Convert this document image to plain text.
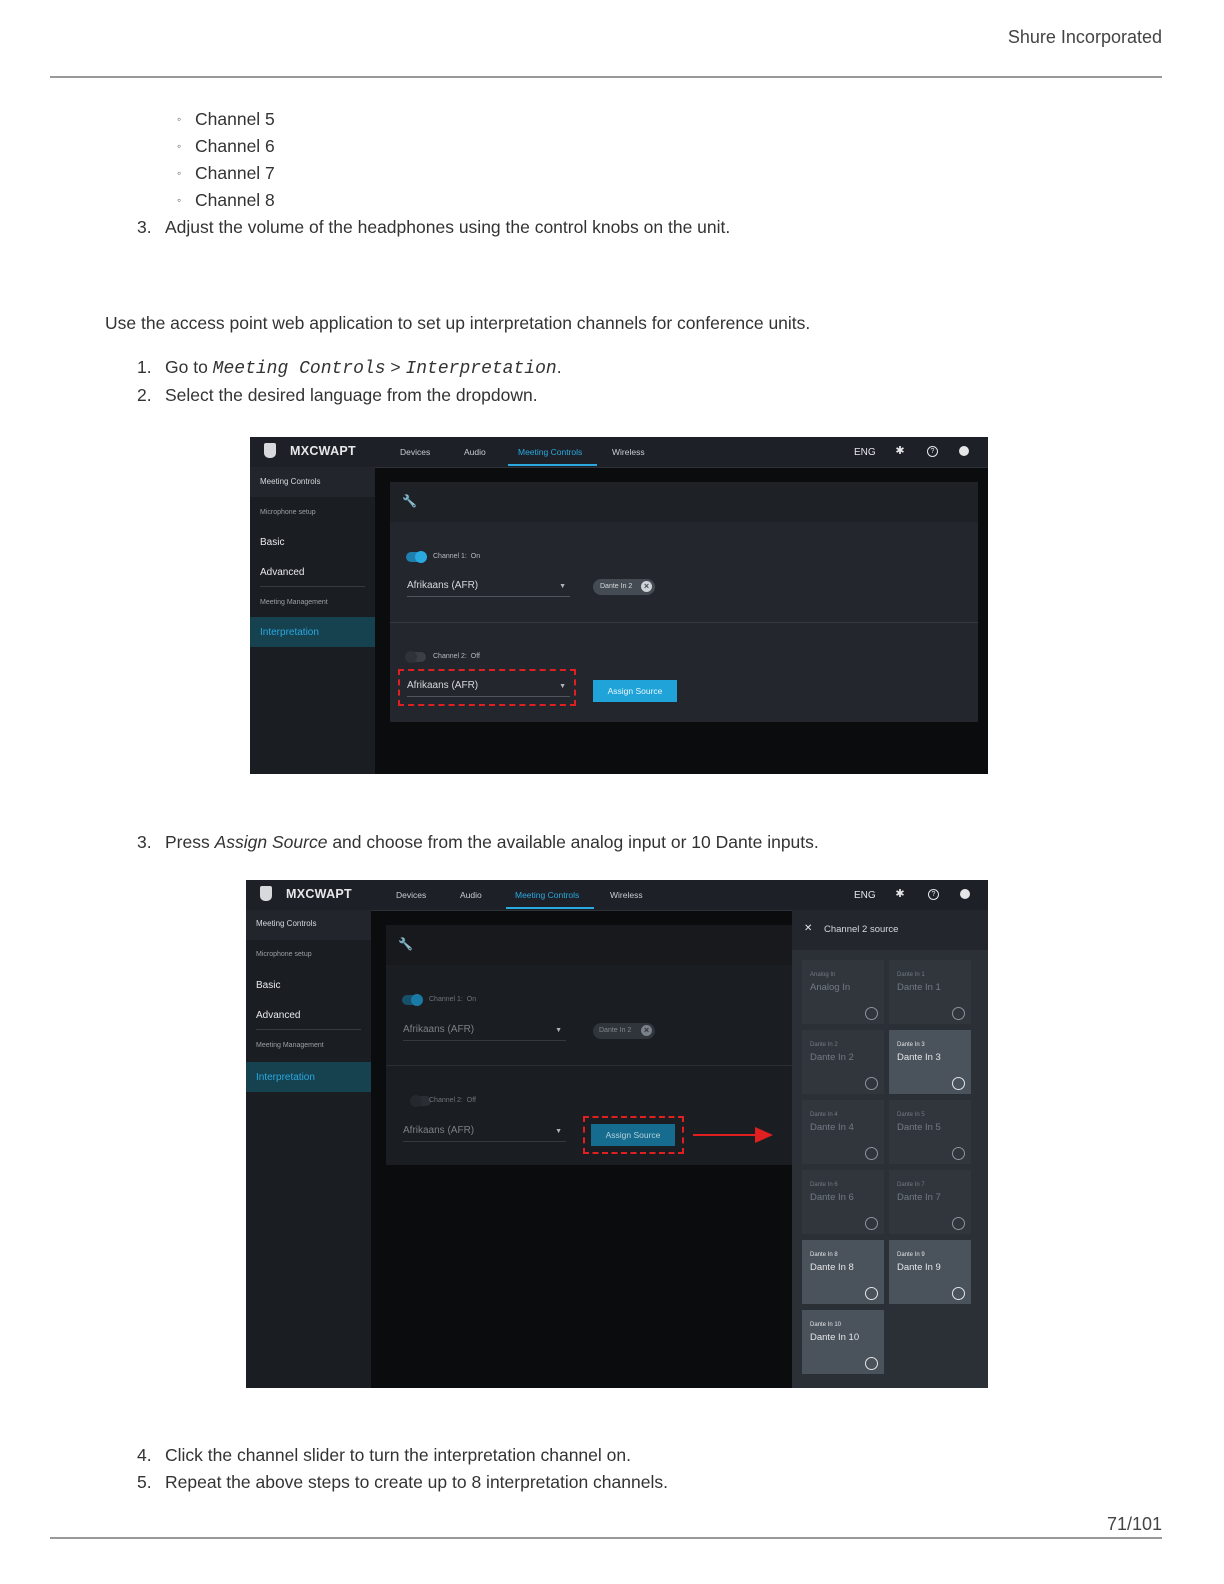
Shure Incorporated
◦ Channel 5
◦ Channel 6
◦ Channel 7
◦ Channel 8
3. Adjust the volume of the headphones using the control knobs on the unit.
Use the access point web application to set up interpretation channels for conference units.
1. Go to Meeting Controls > Interpretation.
2. Select the desired language from the dropdown.
MXCWAPT	Devices	Audio	Meeting Controls	Wireless	ENG ✱	?
Meeting Controls
Microphone setup
Basic
Advanced
Meeting Management
Interpretation
🔧
Channel 1: On
Afrikaans (AFR)	▼	Dante In 2	×
Channel 2: Off
Afrikaans (AFR)	▼	Assign Source
3. Press Assign Source and choose from the available analog input or 10 Dante inputs.
MXCWAPT	Devices	Audio	Meeting Controls	Wireless	ENG ✱	?
Meeting Controls
Microphone setup
Basic
Advanced
Meeting Management
Interpretation
🔧
Channel 1: On
Afrikaans (AFR)	▼	Dante In 2	×
Channel 2: Off
Afrikaans (AFR)	▼	Assign Source
✕ Channel 2 source
Analog In
Analog In
Dante In 1
Dante In 1
Dante In 2
Dante In 2
Dante In 3
Dante In 3
Dante In 4
Dante In 4
Dante In 5
Dante In 5
Dante In 6
Dante In 6
Dante In 7
Dante In 7
Dante In 8
Dante In 8
Dante In 9
Dante In 9
Dante In 10
Dante In 10
4. Click the channel slider to turn the interpretation channel on.
5. Repeat the above steps to create up to 8 interpretation channels.
71/101
